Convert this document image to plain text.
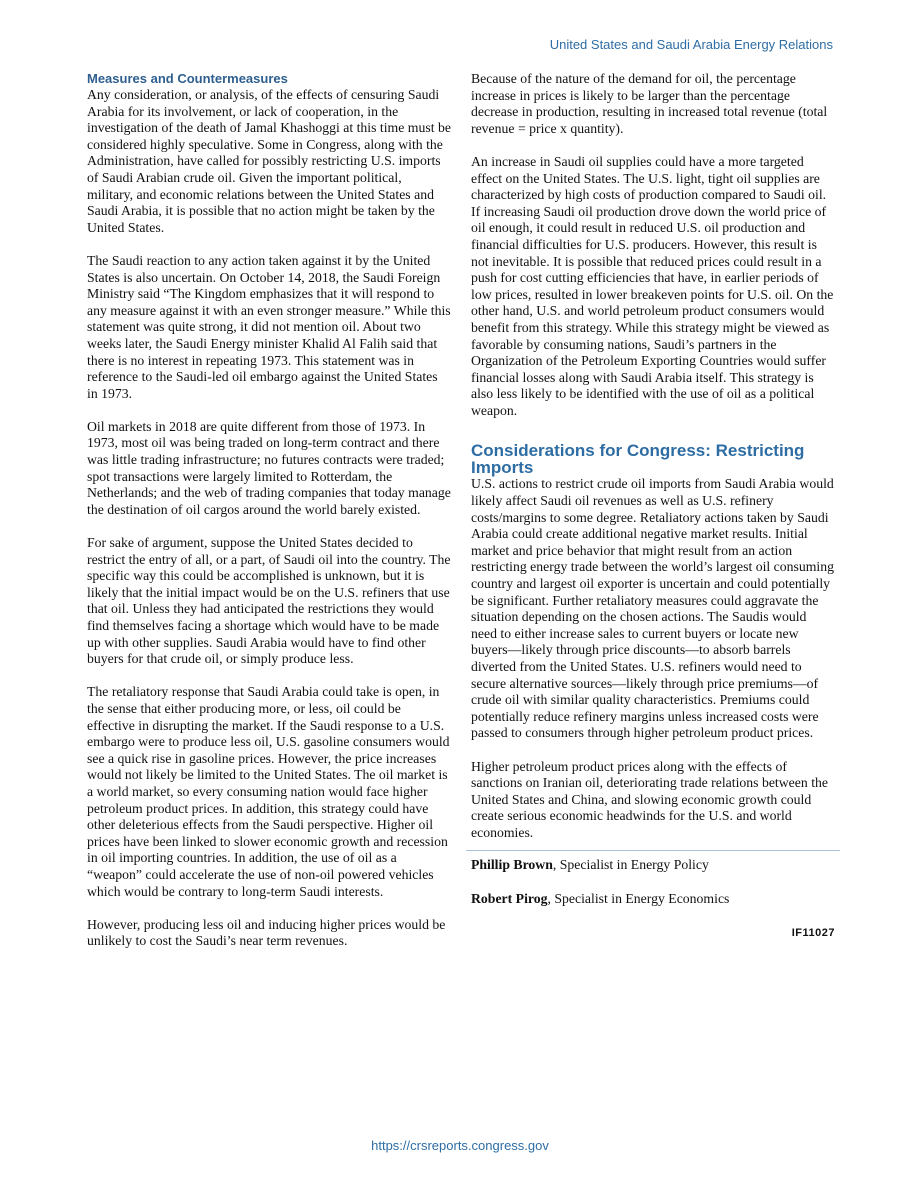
United States and Saudi Arabia Energy Relations
Measures and Countermeasures

Any consideration, or analysis, of the effects of censuring Saudi Arabia for its involvement, or lack of cooperation, in the investigation of the death of Jamal Khashoggi at this time must be considered highly speculative. Some in Congress, along with the Administration, have called for possibly restricting U.S. imports of Saudi Arabian crude oil. Given the important political, military, and economic relations between the United States and Saudi Arabia, it is possible that no action might be taken by the United States.

The Saudi reaction to any action taken against it by the United States is also uncertain. On October 14, 2018, the Saudi Foreign Ministry said “The Kingdom emphasizes that it will respond to any measure against it with an even stronger measure.” While this statement was quite strong, it did not mention oil. About two weeks later, the Saudi Energy minister Khalid Al Falih said that there is no interest in repeating 1973. This statement was in reference to the Saudi-led oil embargo against the United States in 1973.

Oil markets in 2018 are quite different from those of 1973. In 1973, most oil was being traded on long-term contract and there was little trading infrastructure; no futures contracts were traded; spot transactions were largely limited to Rotterdam, the Netherlands; and the web of trading companies that today manage the destination of oil cargos around the world barely existed.

For sake of argument, suppose the United States decided to restrict the entry of all, or a part, of Saudi oil into the country. The specific way this could be accomplished is unknown, but it is likely that the initial impact would be on the U.S. refiners that use that oil. Unless they had anticipated the restrictions they would find themselves facing a shortage which would have to be made up with other supplies. Saudi Arabia would have to find other buyers for that crude oil, or simply produce less.

The retaliatory response that Saudi Arabia could take is open, in the sense that either producing more, or less, oil could be effective in disrupting the market. If the Saudi response to a U.S. embargo were to produce less oil, U.S. gasoline consumers would see a quick rise in gasoline prices. However, the price increases would not likely be limited to the United States. The oil market is a world market, so every consuming nation would face higher petroleum product prices. In addition, this strategy could have other deleterious effects from the Saudi perspective. Higher oil prices have been linked to slower economic growth and recession in oil importing countries. In addition, the use of oil as a “weapon” could accelerate the use of non-oil powered vehicles which would be contrary to long-term Saudi interests.

However, producing less oil and inducing higher prices would be unlikely to cost the Saudi’s near term revenues.

Because of the nature of the demand for oil, the percentage increase in prices is likely to be larger than the percentage decrease in production, resulting in increased total revenue (total revenue = price x quantity).

An increase in Saudi oil supplies could have a more targeted effect on the United States. The U.S. light, tight oil supplies are characterized by high costs of production compared to Saudi oil. If increasing Saudi oil production drove down the world price of oil enough, it could result in reduced U.S. oil production and financial difficulties for U.S. producers. However, this result is not inevitable. It is possible that reduced prices could result in a push for cost cutting efficiencies that have, in earlier periods of low prices, resulted in lower breakeven points for U.S. oil. On the other hand, U.S. and world petroleum product consumers would benefit from this strategy. While this strategy might be viewed as favorable by consuming nations, Saudi’s partners in the Organization of the Petroleum Exporting Countries would suffer financial losses along with Saudi Arabia itself. This strategy is also less likely to be identified with the use of oil as a political weapon.

Considerations for Congress: Restricting Imports

U.S. actions to restrict crude oil imports from Saudi Arabia would likely affect Saudi oil revenues as well as U.S. refinery costs/margins to some degree. Retaliatory actions taken by Saudi Arabia could create additional negative market results. Initial market and price behavior that might result from an action restricting energy trade between the world’s largest oil consuming country and largest oil exporter is uncertain and could potentially be significant. Further retaliatory measures could aggravate the situation depending on the chosen actions. The Saudis would need to either increase sales to current buyers or locate new buyers—likely through price discounts—to absorb barrels diverted from the United States. U.S. refiners would need to secure alternative sources—likely through price premiums—of crude oil with similar quality characteristics. Premiums could potentially reduce refinery margins unless increased costs were passed to consumers through higher petroleum product prices.

Higher petroleum product prices along with the effects of sanctions on Iranian oil, deteriorating trade relations between the United States and China, and slowing economic growth could create serious economic headwinds for the U.S. and world economies.

Phillip Brown, Specialist in Energy Policy

Robert Pirog, Specialist in Energy Economics

IF11027
https://crsreports.congress.gov
